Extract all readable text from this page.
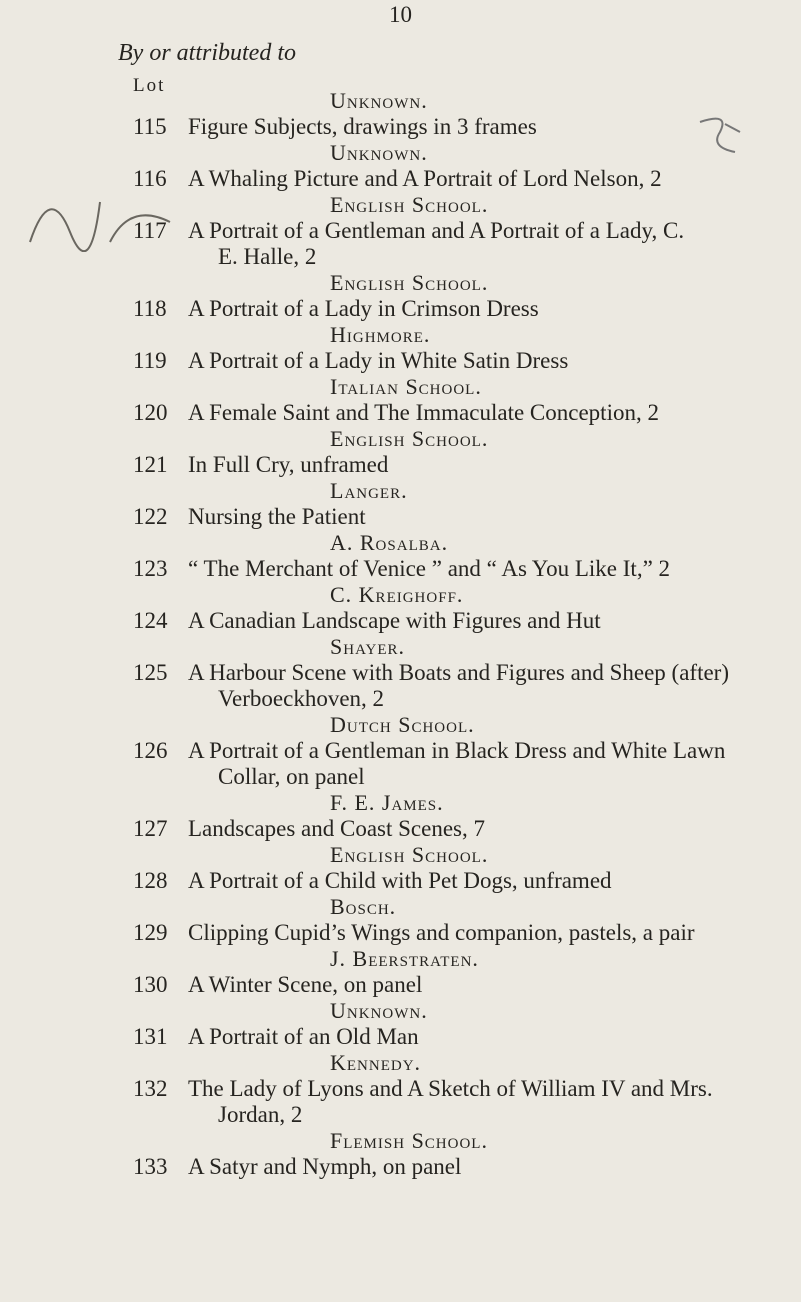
10
By or attributed to
Lot
Unknown.
115 Figure Subjects, drawings in 3 frames
Unknown.
116 A Whaling Picture and A Portrait of Lord Nelson, 2
English School.
117 A Portrait of a Gentleman and A Portrait of a Lady, C.
E. Halle, 2
English School.
118 A Portrait of a Lady in Crimson Dress
Highmore.
119 A Portrait of a Lady in White Satin Dress
Italian School.
120 A Female Saint and The Immaculate Conception, 2
English School.
121 In Full Cry, unframed
Langer.
122 Nursing the Patient
A. Rosalba.
123 “ The Merchant of Venice ” and “ As You Like It,” 2
C. Kreighoff.
124 A Canadian Landscape with Figures and Hut
Shayer.
125 A Harbour Scene with Boats and Figures and Sheep (after)
Verboeckhoven, 2
Dutch School.
126 A Portrait of a Gentleman in Black Dress and White Lawn
Collar, on panel
F. E. James.
127 Landscapes and Coast Scenes, 7
English School.
128 A Portrait of a Child with Pet Dogs, unframed
Bosch.
129 Clipping Cupid’s Wings and companion, pastels, a pair
J. Beerstraten.
130 A Winter Scene, on panel
Unknown.
131 A Portrait of an Old Man
Kennedy.
132 The Lady of Lyons and A Sketch of William IV and Mrs.
Jordan, 2
Flemish School.
133 A Satyr and Nymph, on panel
